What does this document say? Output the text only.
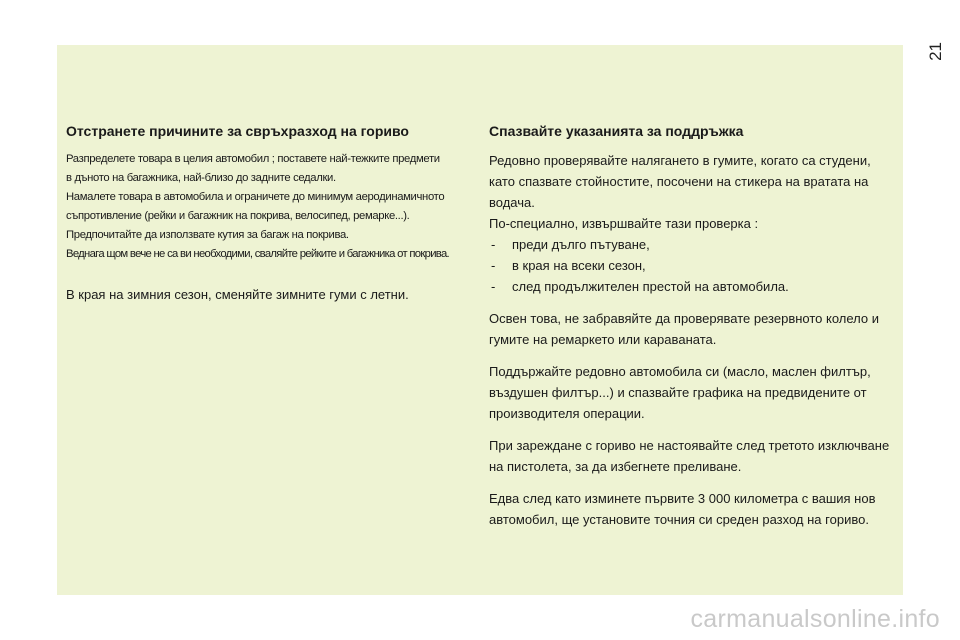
21
Отстранете причините за свръхразход на гориво

Разпределете товара в целия автомобил ; поставете най-тежките предмети

в дъното на багажника, най-близо до задните седалки.

Намалете товара в автомобила и ограничете до минимум аеродинамичното

съпротивление (рейки и багажник на покрива, велосипед, ремарке...).

Предпочитайте да използвате кутия за багаж на покрива.

Веднага щом вече не са ви необходими, сваляйте рейките и багажника от покрива.

В края на зимния сезон, сменяйте зимните гуми с летни.

Спазвайте указанията за поддръжка

Редовно проверявайте налягането в гумите, когато са студени, като спазвате стойностите, посочени на стикера на вратата на водача.

По-специално, извършвайте тази проверка :

- преди дълго пътуване,
- в края на всеки сезон,
- след продължителен престой на автомобила.

Освен това, не забравяйте да проверявате резервното колело и гумите на ремаркето или каравaната.

Поддържайте редовно автомобила си (масло, маслен филтър, въздушен филтър...) и спазвайте графика на предвидените от производителя операции.

При зареждане с гориво не настоявайте след третото изключване на пистолета, за да избегнете преливане.

Едва след като изминете първите 3 000 километра с вашия нов автомобил, ще установите точния си среден разход на гориво.

carmanualsonline.info
